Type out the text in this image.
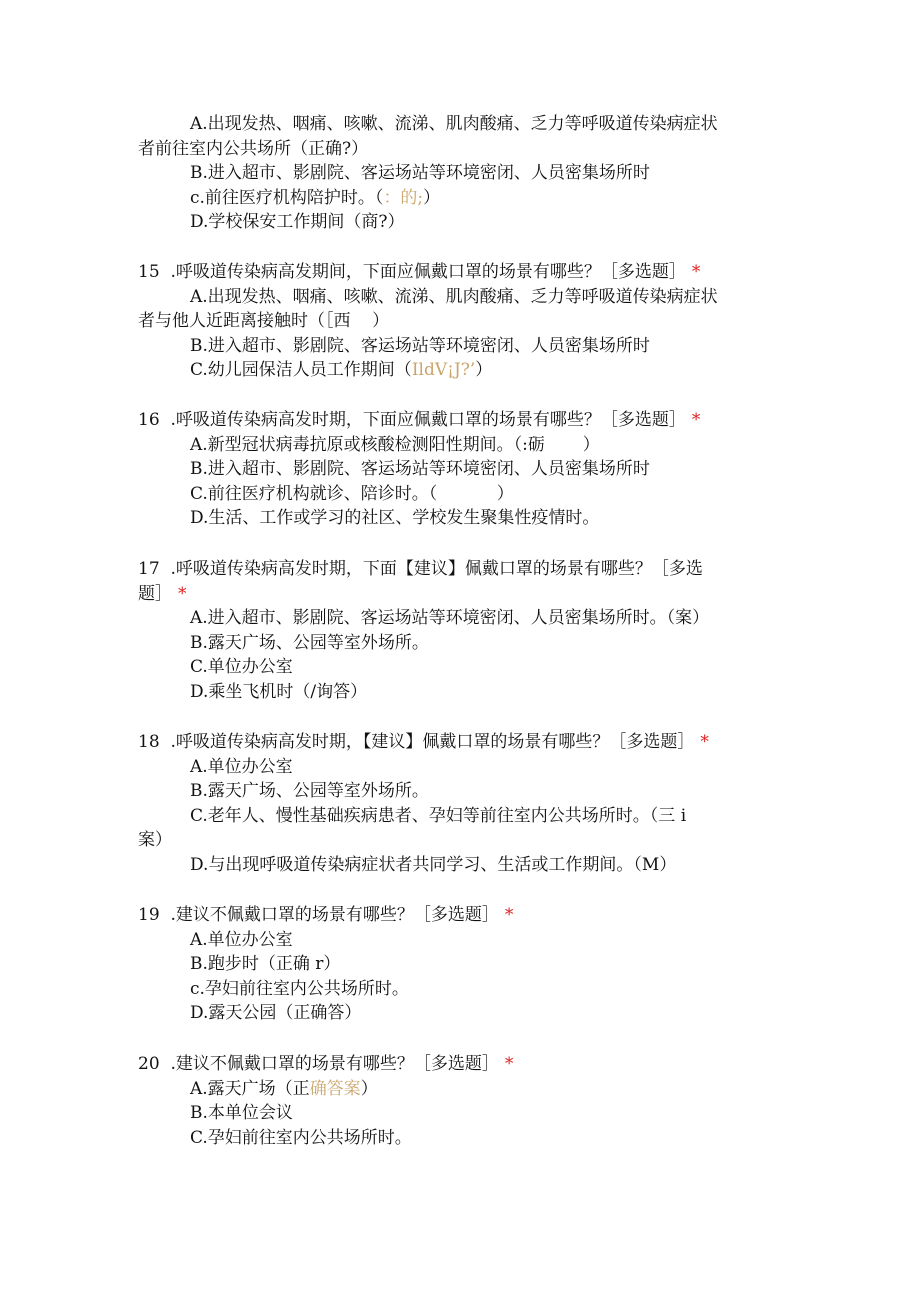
A.出现发热、咽痛、咳嗽、流涕、肌肉酸痛、乏力等呼吸道传染病症状
者前往室内公共场所（正确?）
B.进入超市、影剧院、客运场站等环境密闭、人员密集场所时
c.前往医疗机构陪护时。（：的;）
D.学校保安工作期间（商?）
15  .呼吸道传染病高发期间，下面应佩戴口罩的场景有哪些？［多选题］ *
A.出现发热、咽痛、咳嗽、流涕、肌肉酸痛、乏力等呼吸道传染病症状
者与他人近距离接触时（［西    ）
B.进入超市、影剧院、客运场站等环境密闭、人员密集场所时
C.幼儿园保洁人员工作期间（IldV¡J?’）
16  .呼吸道传染病高发时期，下面应佩戴口罩的场景有哪些？［多选题］ *
A.新型冠状病毒抗原或核酸检测阳性期间。（:砺       ）
B.进入超市、影剧院、客运场站等环境密闭、人员密集场所时
C.前往医疗机构就诊、陪诊时。（           ）
D.生活、工作或学习的社区、学校发生聚集性疫情时。
17  .呼吸道传染病高发时期，下面【建议】佩戴口罩的场景有哪些？［多选
题］ *
A.进入超市、影剧院、客运场站等环境密闭、人员密集场所时。（案）
B.露天广场、公园等室外场所。
C.单位办公室
D.乘坐飞机时（/询答）
18  .呼吸道传染病高发时期，【建议】佩戴口罩的场景有哪些？［多选题］ *
A.单位办公室
B.露天广场、公园等室外场所。
C.老年人、慢性基础疾病患者、孕妇等前往室内公共场所时。（三 i
案）
D.与出现呼吸道传染病症状者共同学习、生活或工作期间。（M）
19  .建议不佩戴口罩的场景有哪些？［多选题］ *
A.单位办公室
B.跑步时（正确 r）
c.孕妇前往室内公共场所时。
D.露天公园（正确答）
20  .建议不佩戴口罩的场景有哪些？［多选题］ *
A.露天广场（正确答案）
B.本单位会议
C.孕妇前往室内公共场所时。
